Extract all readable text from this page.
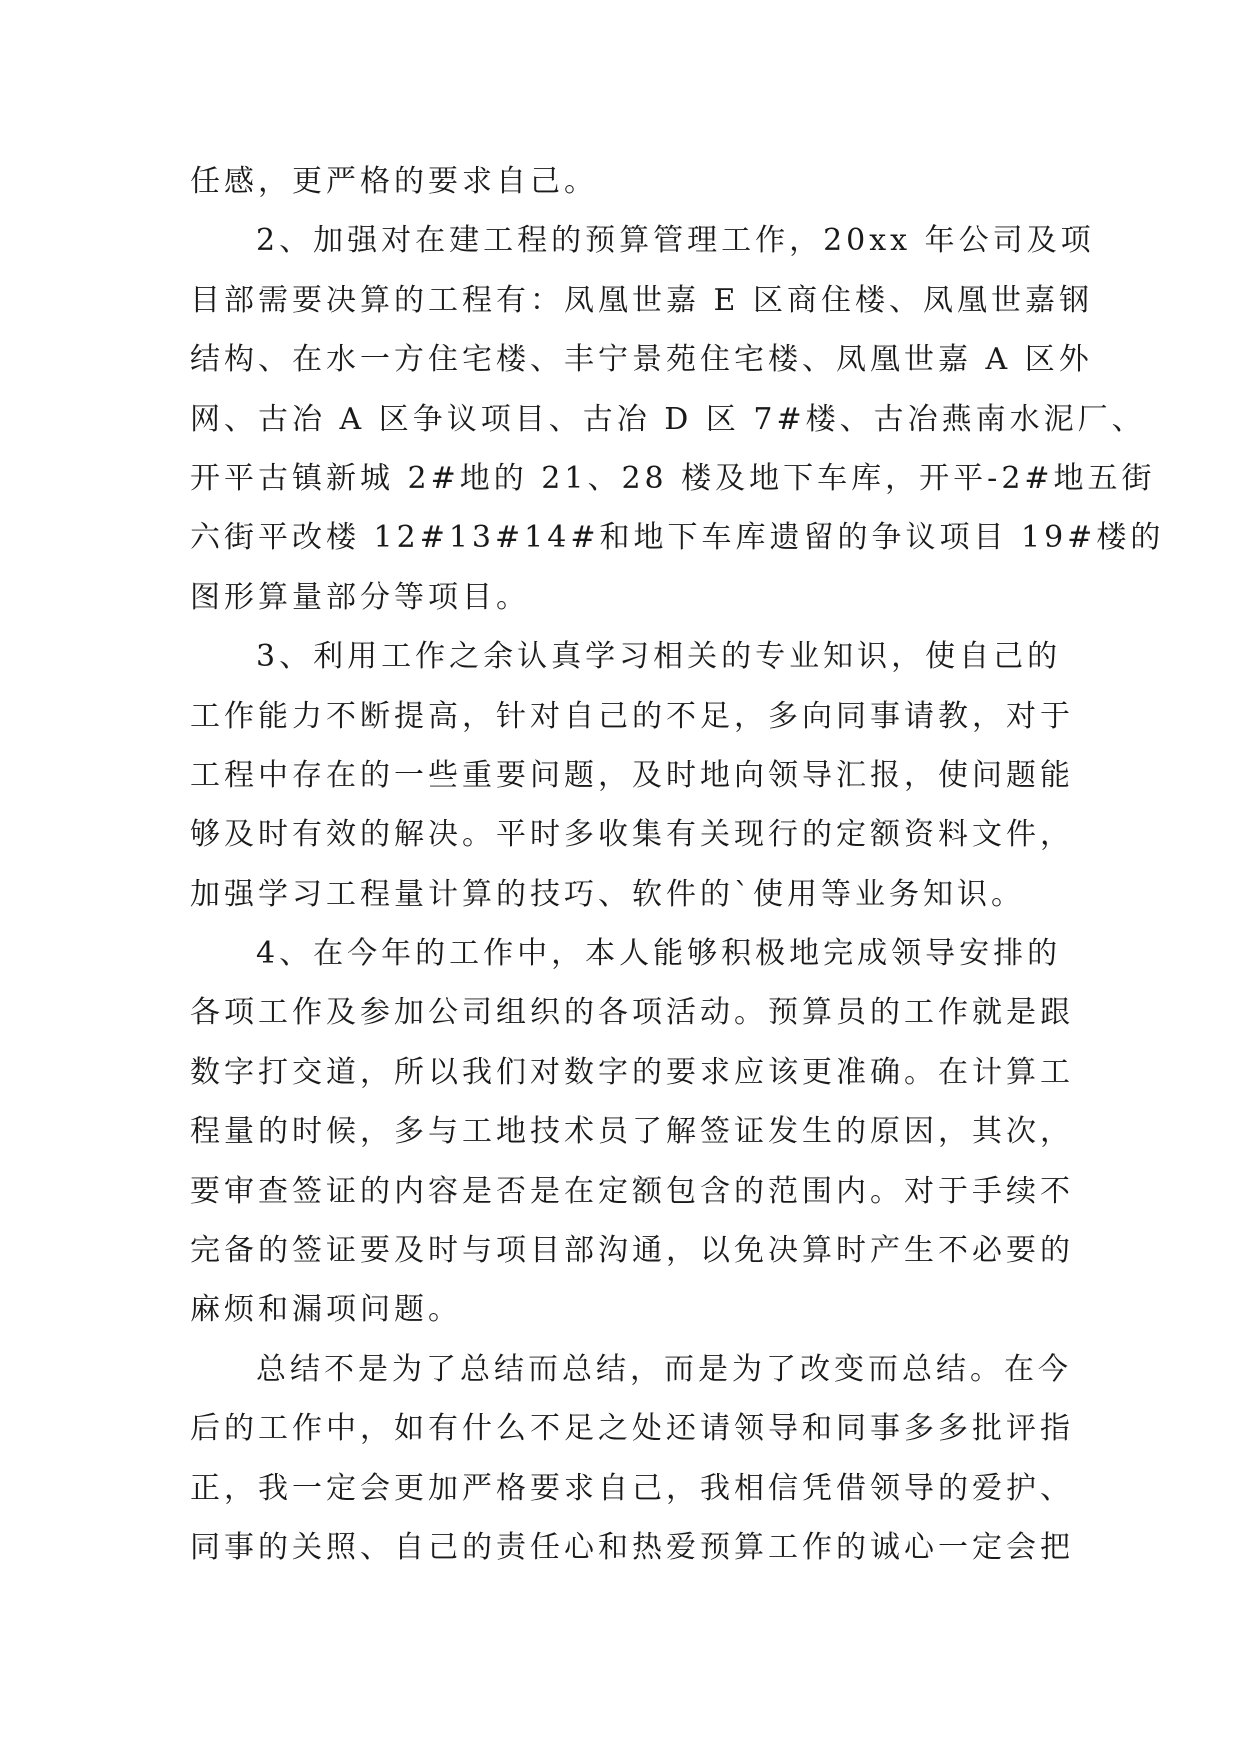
任感，更严格的要求自己。
2、加强对在建工程的预算管理工作，20xx 年公司及项
目部需要决算的工程有：凤凰世嘉 E 区商住楼、凤凰世嘉钢
结构、在水一方住宅楼、丰宁景苑住宅楼、凤凰世嘉 A 区外
网、古冶 A 区争议项目、古冶 D 区 7#楼、古冶燕南水泥厂、
开平古镇新城 2#地的 21、28 楼及地下车库，开平-2#地五街
六街平改楼 12#13#14#和地下车库遗留的争议项目 19#楼的
图形算量部分等项目。
3、利用工作之余认真学习相关的专业知识，使自己的
工作能力不断提高，针对自己的不足，多向同事请教，对于
工程中存在的一些重要问题，及时地向领导汇报，使问题能
够及时有效的解决。平时多收集有关现行的定额资料文件，
加强学习工程量计算的技巧、软件的`使用等业务知识。
4、在今年的工作中，本人能够积极地完成领导安排的
各项工作及参加公司组织的各项活动。预算员的工作就是跟
数字打交道，所以我们对数字的要求应该更准确。在计算工
程量的时候，多与工地技术员了解签证发生的原因，其次，
要审查签证的内容是否是在定额包含的范围内。对于手续不
完备的签证要及时与项目部沟通，以免决算时产生不必要的
麻烦和漏项问题。
总结不是为了总结而总结，而是为了改变而总结。在今
后的工作中，如有什么不足之处还请领导和同事多多批评指
正，我一定会更加严格要求自己，我相信凭借领导的爱护、
同事的关照、自己的责任心和热爱预算工作的诚心一定会把
